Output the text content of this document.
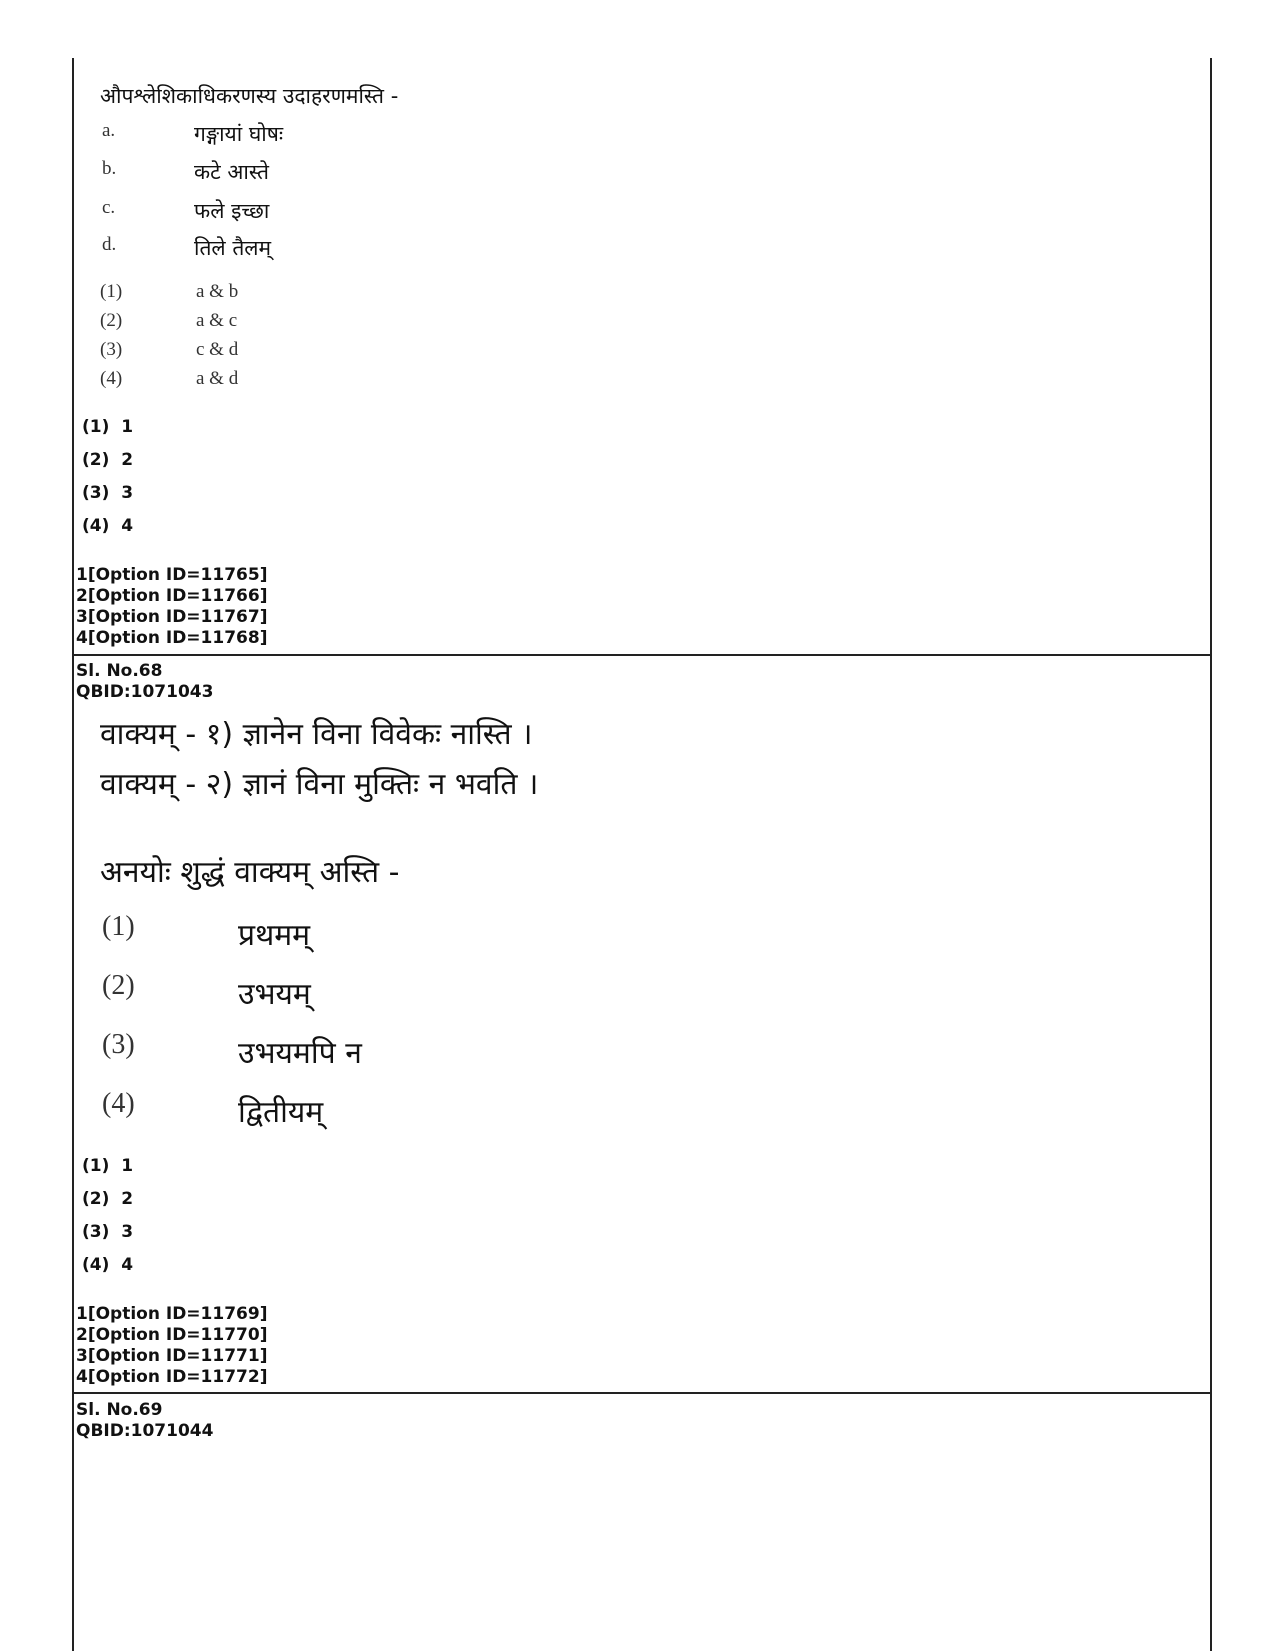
औपश्लेशिकाधिकरणस्य उदाहरणमस्ति -
a.	गङ्गायां घोषः
b.	कटे आस्ते
c.	फले इच्छा
d.	तिले तैलम्
(1)	a & b
(2)	a & c
(3)	c & d
(4)	a & d
(1)  1
(2)  2
(3)  3
(4)  4
1[Option ID=11765]
2[Option ID=11766]
3[Option ID=11767]
4[Option ID=11768]
Sl. No.68
QBID:1071043
वाक्यम् - १) ज्ञानेन विना विवेकः नास्ति ।
वाक्यम् - २) ज्ञानं विना मुक्तिः न भवति ।
अनयोः शुद्धं वाक्यम् अस्ति -
(1)	प्रथमम्
(2)	उभयम्
(3)	उभयमपि न
(4)	द्वितीयम्
(1)  1
(2)  2
(3)  3
(4)  4
1[Option ID=11769]
2[Option ID=11770]
3[Option ID=11771]
4[Option ID=11772]
Sl. No.69
QBID:1071044
